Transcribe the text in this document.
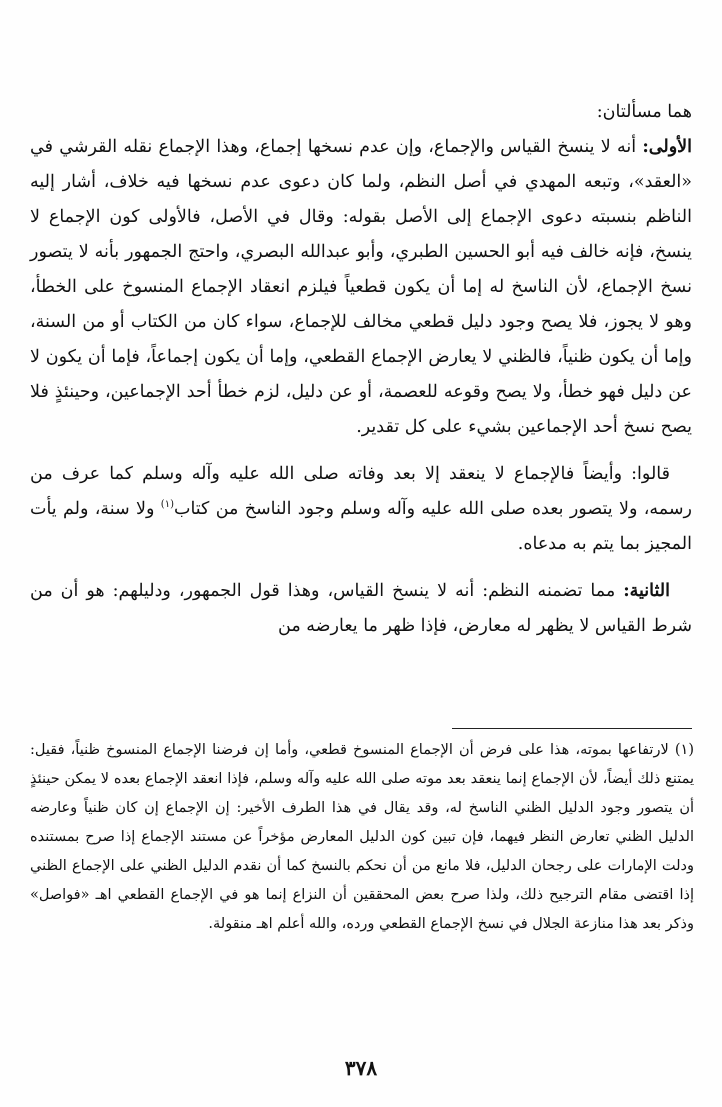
هما مسألتان:

الأولى: أنه لا ينسخ القياس والإجماع، وإن عدم نسخها إجماع، وهذا الإجماع نقله القرشي في «العقد»، وتبعه المهدي في أصل النظم، ولما كان دعوى عدم نسخها فيه خلاف، أشار إليه الناظم بنسبته دعوى الإجماع إلى الأصل بقوله: وقال في الأصل، فالأولى كون الإجماع لا ينسخ، فإنه خالف فيه أبو الحسين الطبري، وأبو عبدالله البصري، واحتج الجمهور بأنه لا يتصور نسخ الإجماع، لأن الناسخ له إما أن يكون قطعياً فيلزم انعقاد الإجماع المنسوخ على الخطأ، وهو لا يجوز، فلا يصح وجود دليل قطعي مخالف للإجماع، سواء كان من الكتاب أو من السنة، وإما أن يكون ظنياً، فالظني لا يعارض الإجماع القطعي، وإما أن يكون إجماعاً، فإما أن يكون لا عن دليل فهو خطأ، ولا يصح وقوعه للعصمة، أو عن دليل، لزم خطأ أحد الإجماعين، وحينئذٍ فلا يصح نسخ أحد الإجماعين بشيء على كل تقدير.

قالوا: وأيضاً فالإجماع لا ينعقد إلا بعد وفاته صلى الله عليه وآله وسلم كما عرف من رسمه، ولا يتصور بعده صلى الله عليه وآله وسلم وجود الناسخ من كتاب$^{(١)}$ ولا سنة، ولم يأت المجيز بما يتم به مدعاه.

الثانية: مما تضمنه النظم: أنه لا ينسخ القياس، وهذا قول الجمهور، ودليلهم: هو أن من شرط القياس لا يظهر له معارض، فإذا ظهر ما يعارضه من

(١) لارتفاعها بموته، هذا على فرض أن الإجماع المنسوخ قطعي، وأما إن فرضنا الإجماع المنسوخ ظنياً، فقيل: يمتنع ذلك أيضاً، لأن الإجماع إنما ينعقد بعد موته صلى الله عليه وآله وسلم، فإذا انعقد الإجماع بعده لا يمكن حينئذٍ أن يتصور وجود الدليل الظني الناسخ له، وقد يقال في هذا الطرف الأخير: إن الإجماع إن كان ظنياً وعارضه الدليل الظني تعارض النظر فيهما، فإن تبين كون الدليل المعارض مؤخراً عن مستند الإجماع إذا صرح بمستنده ودلت الإمارات على رجحان الدليل، فلا مانع من أن نحكم بالنسخ كما أن نقدم الدليل الظني على الإجماع الظني إذا اقتضى مقام الترجيح ذلك، ولذا صرح بعض المحققين أن النزاع إنما هو في الإجماع القطعي اهـ «فواصل» وذكر بعد هذا منازعة الجلال في نسخ الإجماع القطعي ورده، والله أعلم اهـ منقولة.

٣٧٨
